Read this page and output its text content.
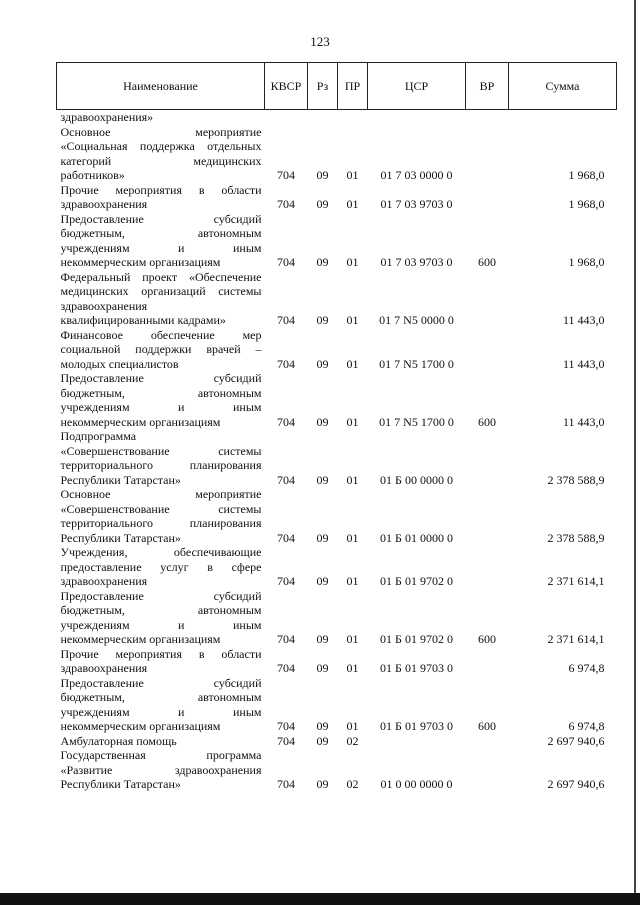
123
Наименование	КВСР	Рз	ПР	ЦСР	ВР	Сумма

здравоохранения»						

Основное мероприятие
«Социальная поддержка отдельных
категорий медицинских
работников»	704	09	01	01 7 03 0000 0		1 968,0

Прочие мероприятия в области
здравоохранения	704	09	01	01 7 03 9703 0		1 968,0

Предоставление субсидий
бюджетным, автономным
учреждениям и иным
некоммерческим организациям	704	09	01	01 7 03 9703 0	600	1 968,0

Федеральный проект «Обеспечение
медицинских организаций системы
здравоохранения
квалифицированными кадрами»	704	09	01	01 7 N5 0000 0		11 443,0

Финансовое обеспечение мер
социальной поддержки врачей –
молодых специалистов	704	09	01	01 7 N5 1700 0		11 443,0

Предоставление субсидий
бюджетным, автономным
учреждениям и иным
некоммерческим организациям	704	09	01	01 7 N5 1700 0	600	11 443,0

Подпрограмма
«Совершенствование системы
территориального планирования
Республики Татарстан»	704	09	01	01 Б 00 0000 0		2 378 588,9

Основное мероприятие
«Совершенствование системы
территориального планирования
Республики Татарстан»	704	09	01	01 Б 01 0000 0		2 378 588,9

Учреждения, обеспечивающие
предоставление услуг в сфере
здравоохранения	704	09	01	01 Б 01 9702 0		2 371 614,1

Предоставление субсидий
бюджетным, автономным
учреждениям и иным
некоммерческим организациям	704	09	01	01 Б 01 9702 0	600	2 371 614,1

Прочие мероприятия в области
здравоохранения	704	09	01	01 Б 01 9703 0		6 974,8

Предоставление субсидий
бюджетным, автономным
учреждениям и иным
некоммерческим организациям	704	09	01	01 Б 01 9703 0	600	6 974,8

Амбулаторная помощь	704	09	02			2 697 940,6

Государственная программа
«Развитие здравоохранения
Республики Татарстан»	704	09	02	01 0 00 0000 0		2 697 940,6
